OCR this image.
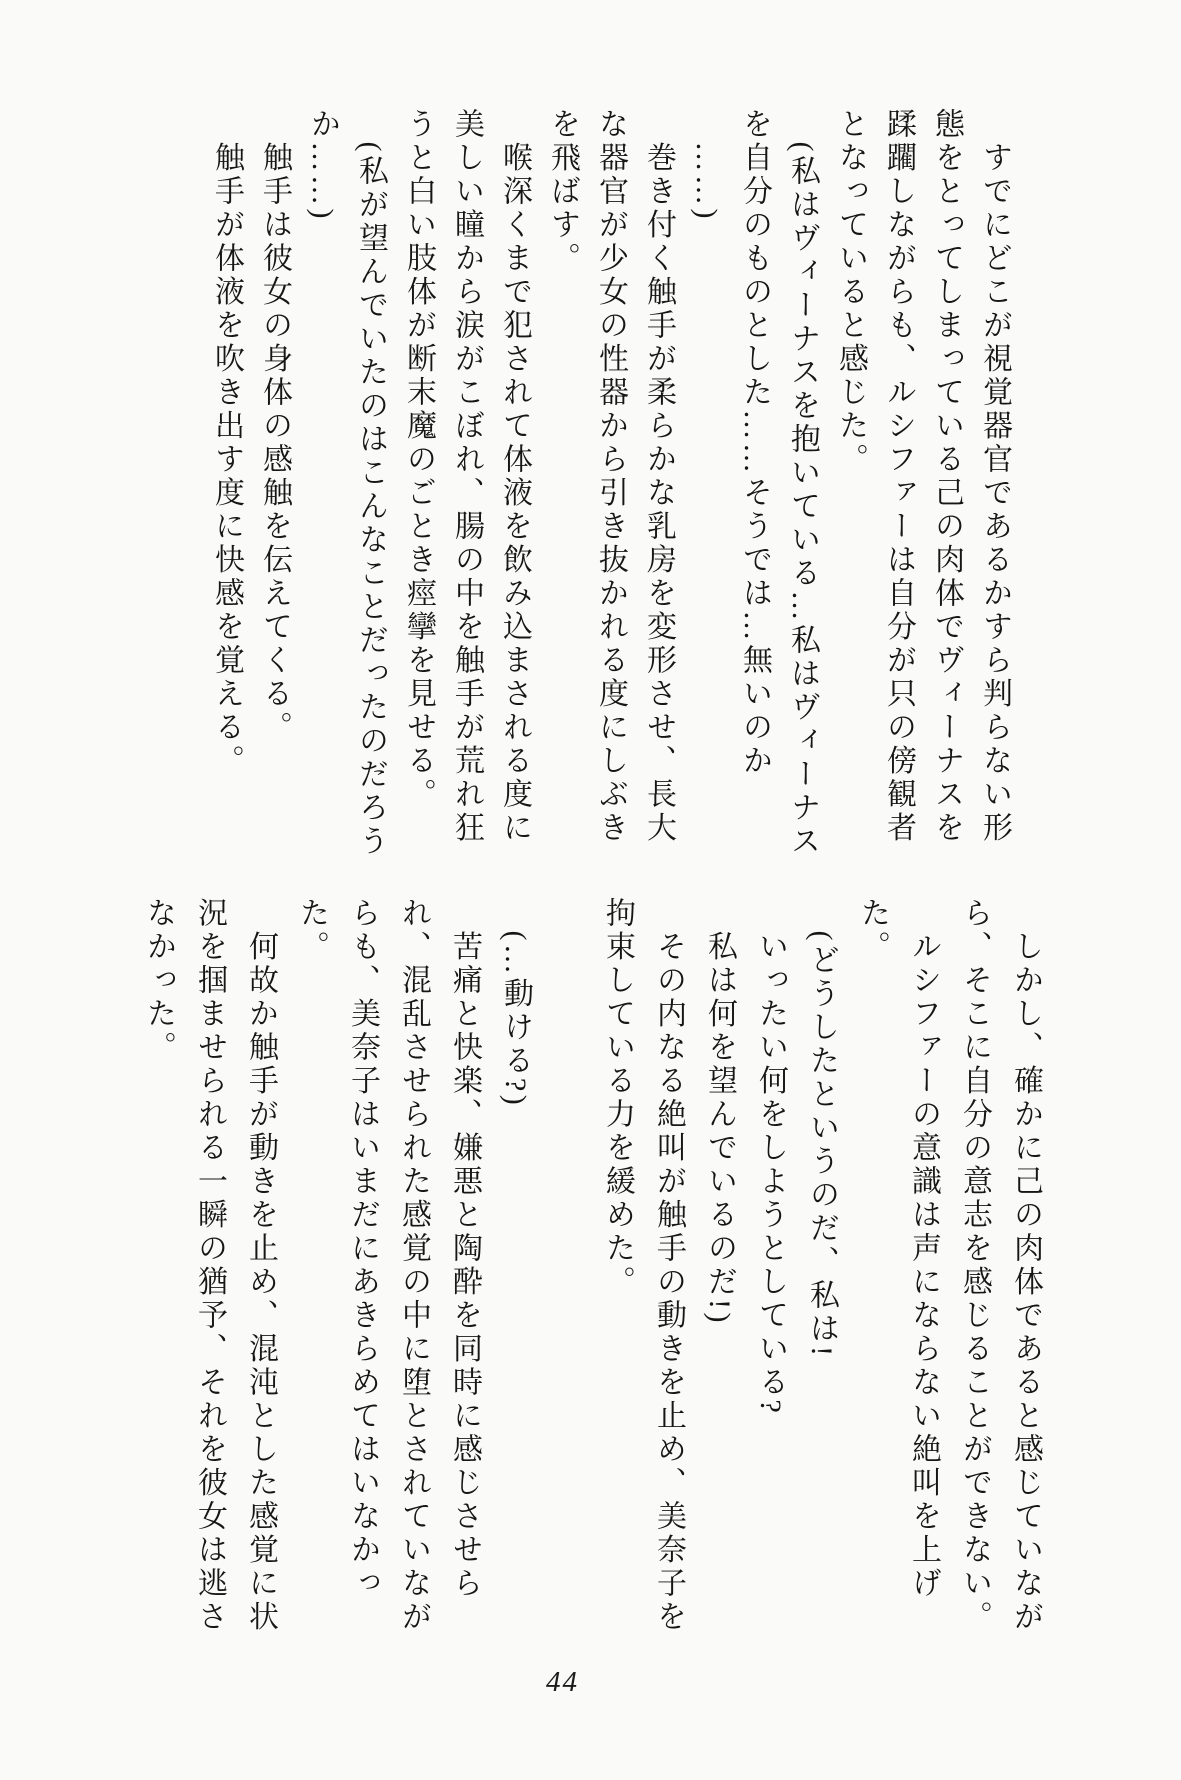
　すでにどこが視覚器官であるかすら判らない形
態をとってしまっている己の肉体でヴィーナスを
蹂躙しながらも、ルシファーは自分が只の傍観者
となっていると感じた。
　(私はヴィーナスを抱いている…私はヴィーナス
を自分のものとした……そうでは…無いのか
　……)
　巻き付く触手が柔らかな乳房を変形させ、長大
な器官が少女の性器から引き抜かれる度にしぶき
を飛ばす。
　喉深くまで犯されて体液を飲み込まされる度に
美しい瞳から涙がこぼれ、腸の中を触手が荒れ狂
うと白い肢体が断末魔のごとき痙攣を見せる。
　(私が望んでいたのはこんなことだったのだろう
か……)
　触手は彼女の身体の感触を伝えてくる。
　触手が体液を吹き出す度に快感を覚える。
　しかし、確かに己の肉体であると感じていなが
ら、そこに自分の意志を感じることができない。
　ルシファーの意識は声にならない絶叫を上げ
た。
　(どうしたというのだ、私は!
　いったい何をしようとしている?
　私は何を望んでいるのだ!)
　その内なる絶叫が触手の動きを止め、美奈子を
拘束している力を緩めた。

　(…動ける?)
　苦痛と快楽、嫌悪と陶酔を同時に感じさせら
れ、混乱させられた感覚の中に堕とされていなが
らも、美奈子はいまだにあきらめてはいなかっ
た。
　何故か触手が動きを止め、混沌とした感覚に状
況を掴ませられる一瞬の猶予、それを彼女は逃さ
なかった。
44
